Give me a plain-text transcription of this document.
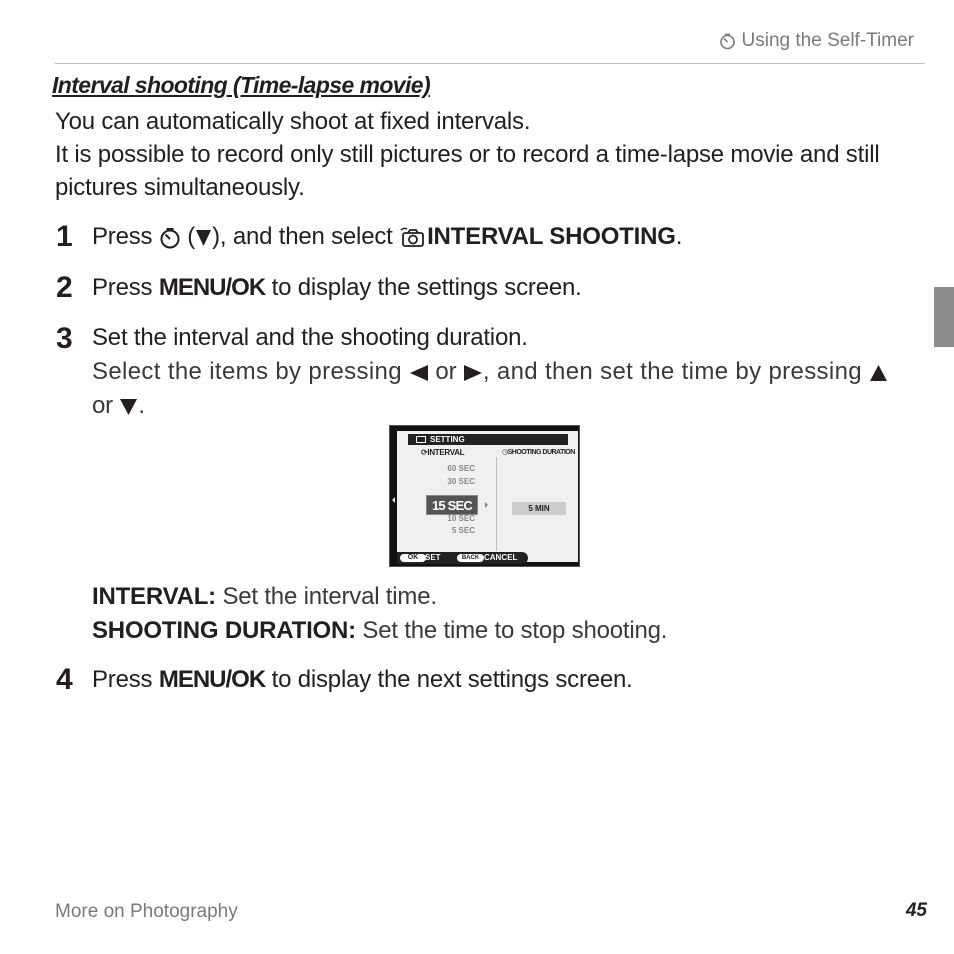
Using the Self-Timer
Interval shooting (Time-lapse movie)

You can automatically shoot at fixed intervals.

It is possible to record only still pictures or to record a time-lapse movie and still pictures simultaneously.

1 Press  ( ), and then select INTERVAL SHOOTING.
2 Press MENU/OK to display the settings screen.
3 Set the interval and the shooting duration.
Select the items by pressing  or , and then set the time by pressing  or .
SETTING
⟳INTERVAL	◷SHOOTING DURATION
60 SEC
30 SEC
15 SEC
10 SEC
5 SEC
5 MIN
OK SET	BACK CANCEL
INTERVAL: Set the interval time.
SHOOTING DURATION: Set the time to stop shooting.
4 Press MENU/OK to display the next settings screen.
More on Photography	45
